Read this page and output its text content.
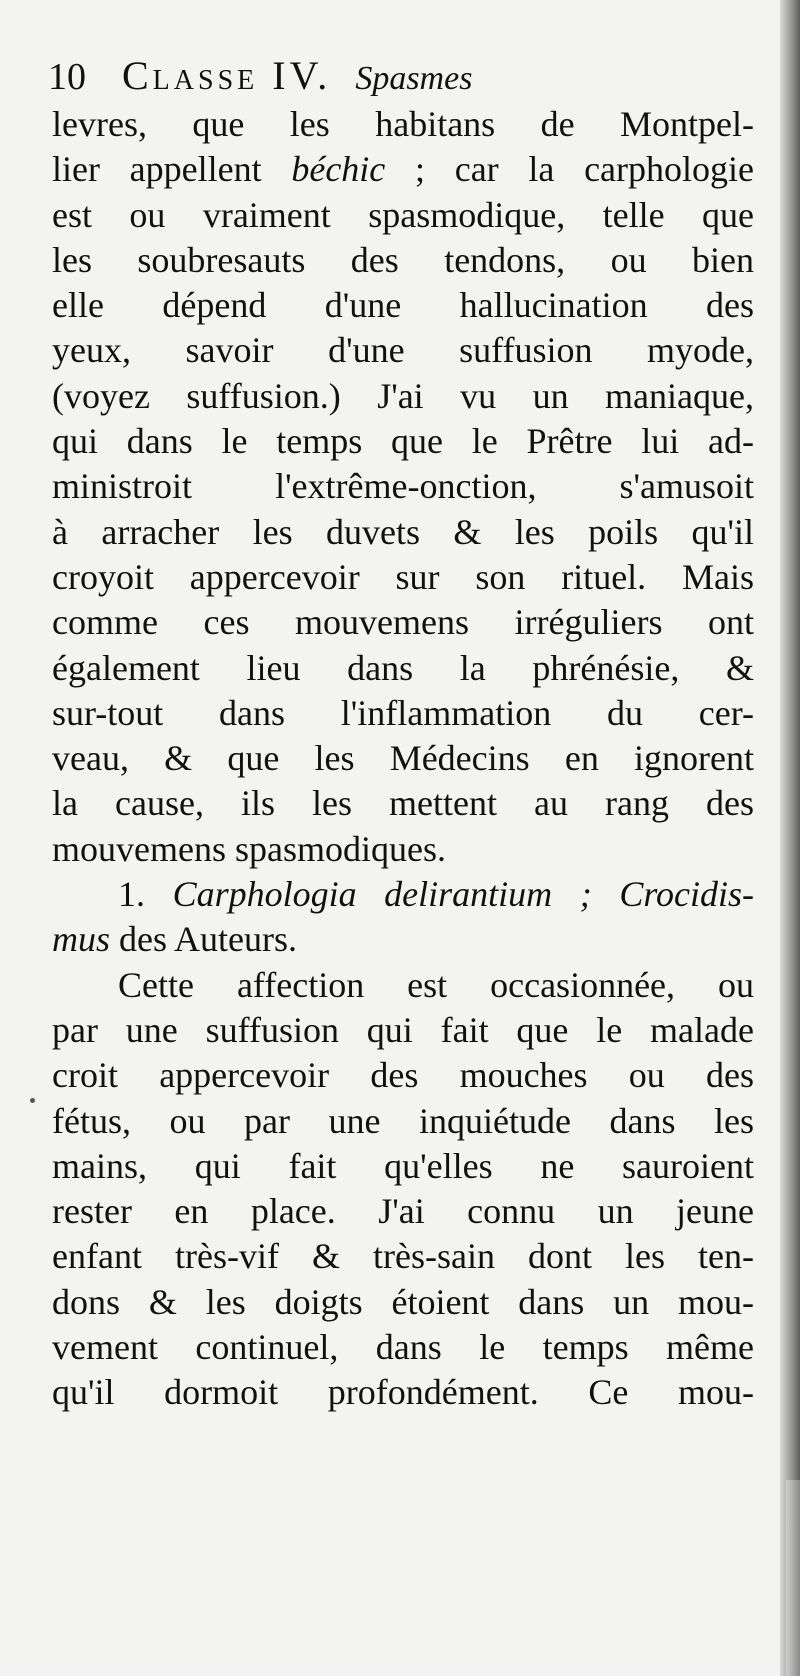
10 Classe IV. Spasmes
levres, que les habitans de Montpel-
lier appellent béchic ; car la carphologie
est ou vraiment spasmodique, telle que
les soubresauts des tendons, ou bien
elle dépend d'une hallucination des
yeux, savoir d'une suffusion myode,
(voyez suffusion.) J'ai vu un maniaque,
qui dans le temps que le Prêtre lui ad-
ministroit l'extrême-onction, s'amusoit
à arracher les duvets & les poils qu'il
croyoit appercevoir sur son rituel. Mais
comme ces mouvemens irréguliers ont
également lieu dans la phrénésie, &
sur-tout dans l'inflammation du cer-
veau, & que les Médecins en ignorent
la cause, ils les mettent au rang des
mouvemens spasmodiques.
1. Carphologia delirantium ; Crocidis-
mus des Auteurs.
Cette affection est occasionnée, ou
par une suffusion qui fait que le malade
croit appercevoir des mouches ou des
fétus, ou par une inquiétude dans les
mains, qui fait qu'elles ne sauroient
rester en place. J'ai connu un jeune
enfant très-vif & très-sain dont les ten-
dons & les doigts étoient dans un mou-
vement continuel, dans le temps même
qu'il dormoit profondément. Ce mou-
